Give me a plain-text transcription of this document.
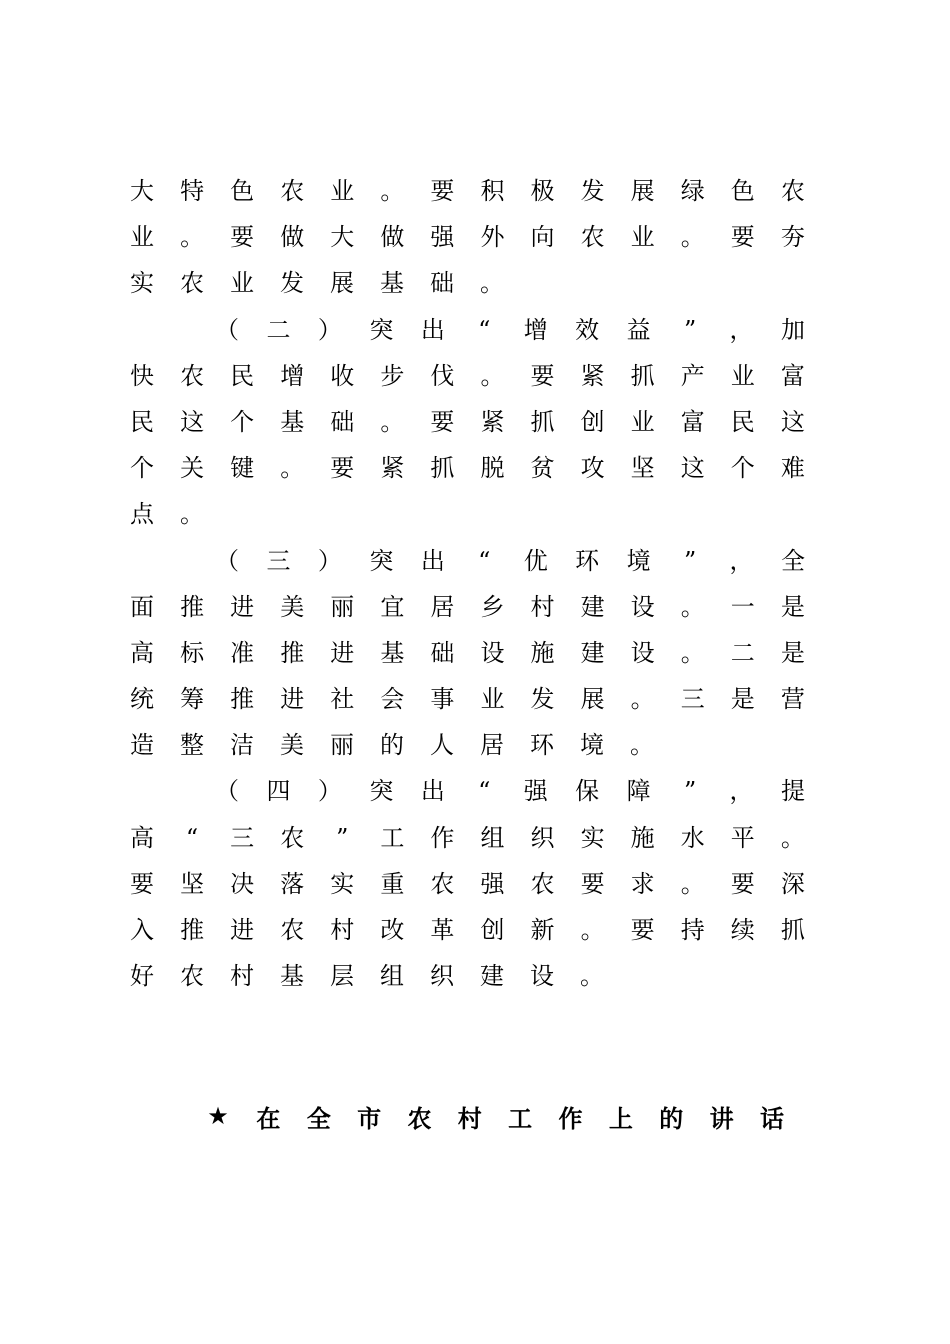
大 特 色 农 业 。 要 积 极 发 展 绿 色 农
业 。 要 做 大 做 强 外 向 农 业 。 要 夯
实 农 业 发 展 基 础 。
（ 二 ） 突 出 “ 增 效 益 ” ， 加
快 农 民 增 收 步 伐 。 要 紧 抓 产 业 富
民 这 个 基 础 。 要 紧 抓 创 业 富 民 这
个 关 键 。 要 紧 抓 脱 贫 攻 坚 这 个 难
点 。
（ 三 ） 突 出 “ 优 环 境 ” ， 全
面 推 进 美 丽 宜 居 乡 村 建 设 。 一 是
高 标 准 推 进 基 础 设 施 建 设 。 二 是
统 筹 推 进 社 会 事 业 发 展 。 三 是 营
造 整 洁 美 丽 的 人 居 环 境 。
（ 四 ） 突 出 “ 强 保 障 ” ， 提
高 “ 三 农 ” 工 作 组 织 实 施 水 平 。
要 坚 决 落 实 重 农 强 农 要 求 。 要 深
入 推 进 农 村 改 革 创 新 。 要 持 续 抓
好 农 村 基 层 组 织 建 设 。
★ 在 全 市 农 村 工 作 上 的 讲 话
